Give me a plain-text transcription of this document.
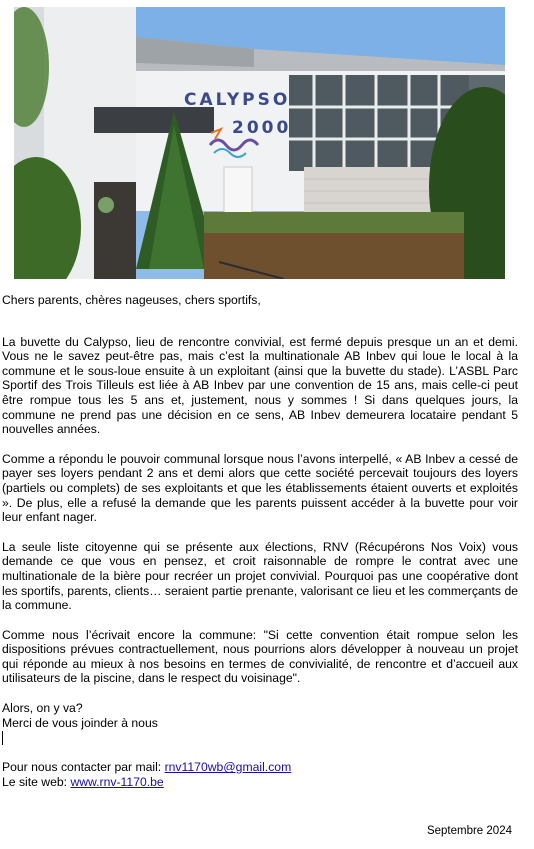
CALYPSO
2000

Chers parents, chères nageuses, chers sportifs,

La buvette du Calypso, lieu de rencontre convivial, est fermé depuis presque un an et demi. Vous ne le savez peut-être pas, mais c’est la multinationale AB Inbev qui loue le local à la commune et le sous-loue ensuite à un exploitant (ainsi que la buvette du stade). L’ASBL Parc Sportif des Trois Tilleuls est liée à AB Inbev par une convention de 15 ans, mais celle-ci peut être rompue tous les 5 ans et, justement, nous y sommes ! Si dans quelques jours, la commune ne prend pas une décision en ce sens, AB Inbev demeurera locataire pendant 5 nouvelles années.

Comme a répondu le pouvoir communal lorsque nous l’avons interpellé, « AB Inbev a cessé de payer ses loyers pendant 2 ans et demi alors que cette société percevait toujours des loyers (partiels ou complets) de ses exploitants et que les établissements étaient ouverts et exploités ». De plus, elle a refusé la demande que les parents puissent accéder à la buvette pour voir leur enfant nager.

La seule liste citoyenne qui se présente aux élections, RNV (Récupérons Nos Voix) vous demande ce que vous en pensez, et croit raisonnable de rompre le contrat avec une multinationale de la bière pour recréer un projet convivial. Pourquoi pas une coopérative dont les sportifs, parents, clients… seraient partie prenante, valorisant ce lieu et les commerçants de la commune.

Comme nous l’écrivait encore la commune: "Si cette convention était rompue selon les dispositions prévues contractuellement, nous pourrions alors développer à nouveau un projet qui réponde au mieux à nos besoins en termes de convivialité, de rencontre et d’accueil aux utilisateurs de la piscine, dans le respect du voisinage".

Alors, on y va?

Merci de vous joinder à nous

Pour nous contacter par mail: rnv1170wb@gmail.com

Le site web: www.rnv-1170.be

Septembre 2024
